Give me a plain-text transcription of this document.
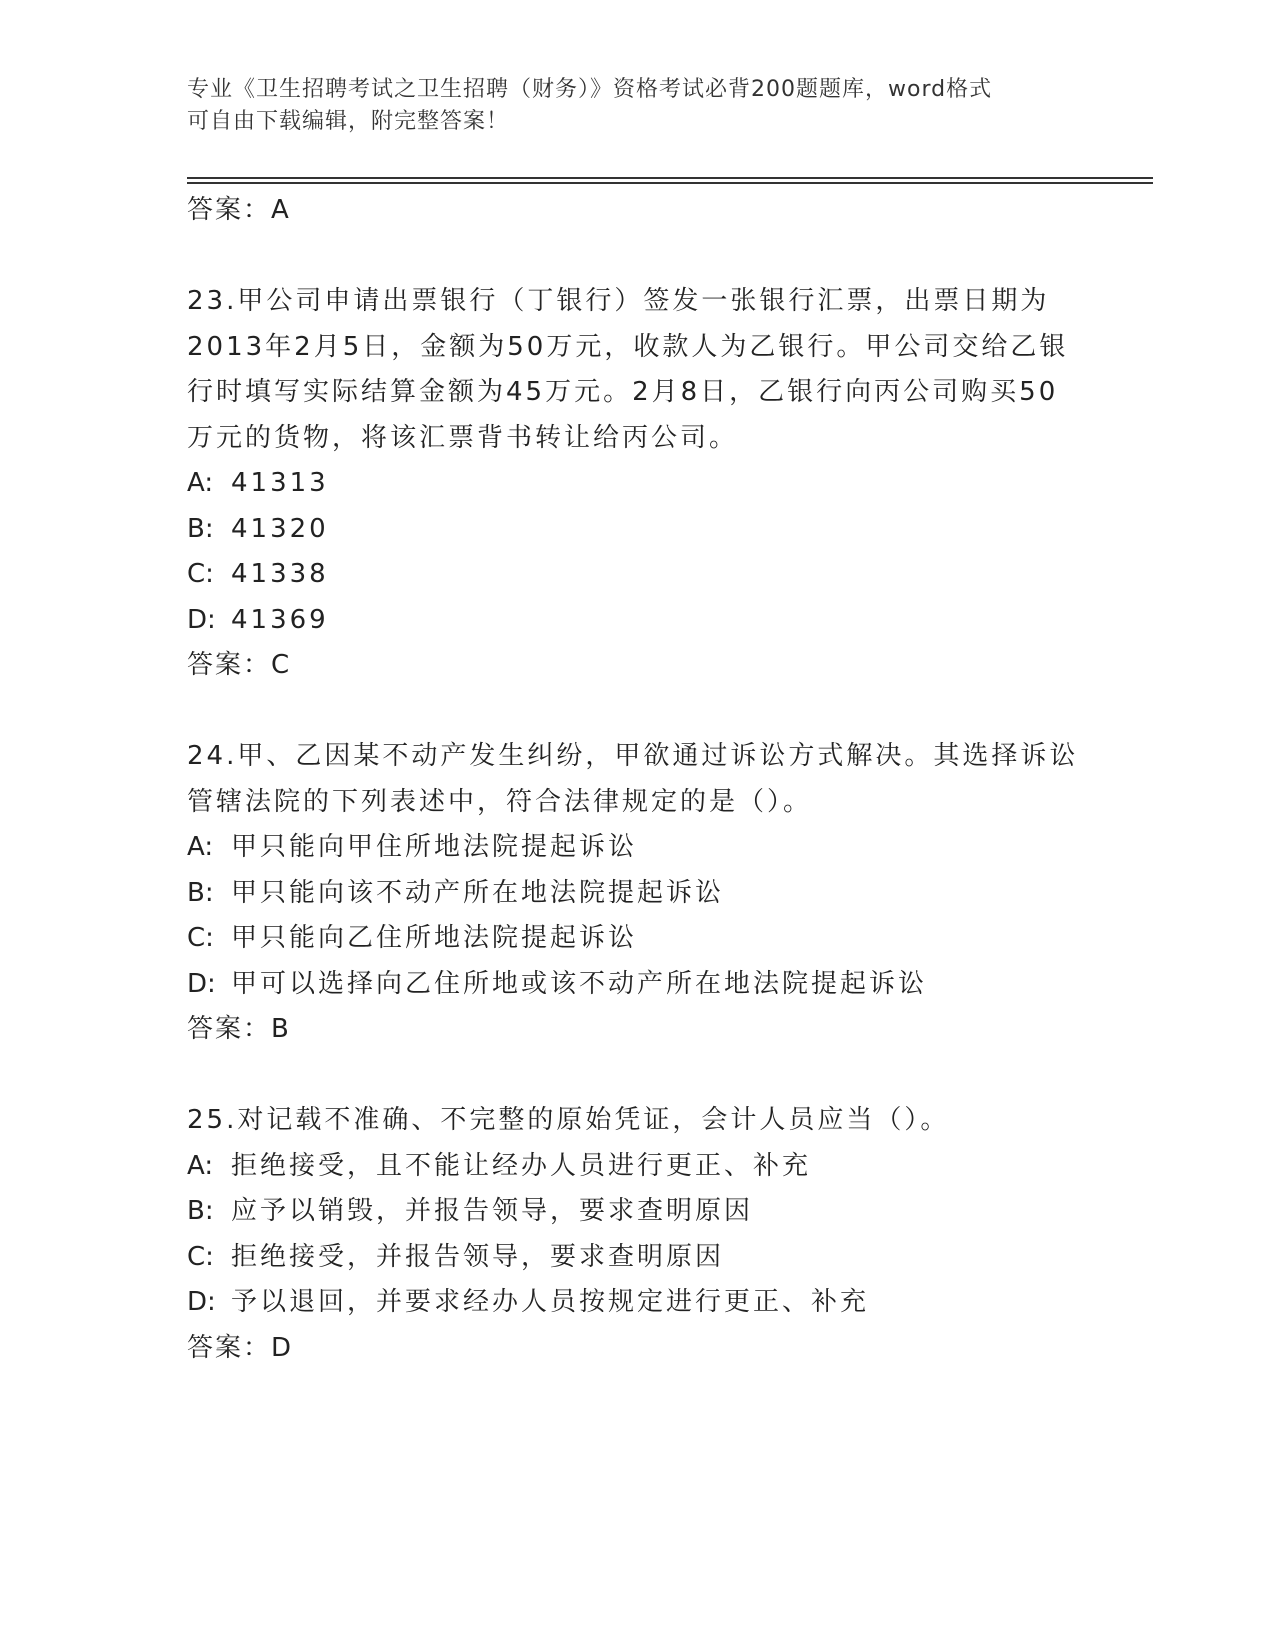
专业《卫生招聘考试之卫生招聘（财务）》资格考试必背200题题库，word格式
可自由下载编辑，附完整答案！
答案：A
23.甲公司申请出票银行（丁银行）签发一张银行汇票，出票日期为
2013年2月5日，金额为50万元，收款人为乙银行。甲公司交给乙银
行时填写实际结算金额为45万元。2月8日，乙银行向丙公司购买50
万元的货物，将该汇票背书转让给丙公司。
A: 41313
B: 41320
C: 41338
D: 41369
答案：C
24.甲、乙因某不动产发生纠纷，甲欲通过诉讼方式解决。其选择诉讼
管辖法院的下列表述中，符合法律规定的是（）。
A: 甲只能向甲住所地法院提起诉讼
B: 甲只能向该不动产所在地法院提起诉讼
C: 甲只能向乙住所地法院提起诉讼
D: 甲可以选择向乙住所地或该不动产所在地法院提起诉讼
答案：B
25.对记载不准确、不完整的原始凭证，会计人员应当（）。
A: 拒绝接受，且不能让经办人员进行更正、补充
B: 应予以销毁，并报告领导，要求查明原因
C: 拒绝接受，并报告领导，要求查明原因
D: 予以退回，并要求经办人员按规定进行更正、补充
答案：D
